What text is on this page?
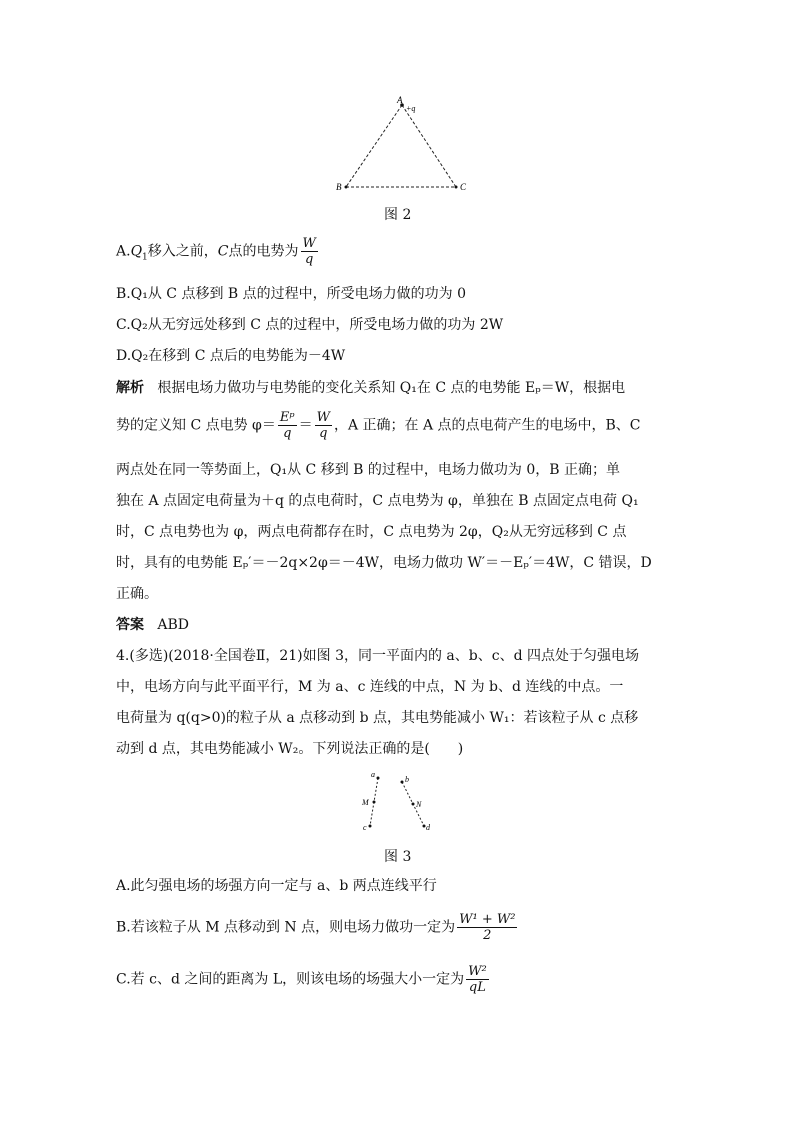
A
+q
B	C
图 2
$A.Q_1$移入之前，C点的电势为 $\frac{W}{q}$
B.Q₁从 C 点移到 B 点的过程中，所受电场力做的功为 0
C.Q₂从无穷远处移到 C 点的过程中，所受电场力做的功为 2W
D.Q₂在移到 C 点后的电势能为－4W
解析 根据电场力做功与电势能的变化关系知 Q₁在 C 点的电势能 Eₚ＝W，根据电
势的定义知 C 点电势 $\varphi= \frac{\text{Eᵖ}}{q} = \frac{W}{q}$ ，A 正确；在 A 点的点电荷产生的电场中，B、C
两点处在同一等势面上，Q₁从 C 移到 B 的过程中，电场力做功为 0，B 正确；单
独在 A 点固定电荷量为＋q 的点电荷时，C 点电势为 φ，单独在 B 点固定点电荷 Q₁
时，C 点电势也为 φ，两点电荷都存在时，C 点电势为 2φ，Q₂从无穷远移到 C 点
时，具有的电势能 Eₚ′＝－2q×2φ＝－4W，电场力做功 W′＝－Eₚ′＝4W，C 错误，D
正确。
答案 ABD
4.(多选)(2018·全国卷Ⅱ，21)如图 3，同一平面内的 a、b、c、d 四点处于匀强电场
中，电场方向与此平面平行，M 为 a、c 连线的中点，N 为 b、d 连线的中点。一
电荷量为 q(q>0)的粒子从 a 点移动到 b 点，其电势能减小 W₁：若该粒子从 c 点移
动到 d 点，其电势能减小 W₂。下列说法正确的是(　　)
a
b
M	N
c	d
图 3
A.此匀强电场的场强方向一定与 a、b 两点连线平行
B.若该粒子从 M 点移动到 N 点，则电场力做功一定为 $\frac{\text{W¹ + W²}}{2}$
C.若 c、d 之间的距离为 L，则该电场的场强大小一定为 $\frac{\text{W²}}{qL}$
